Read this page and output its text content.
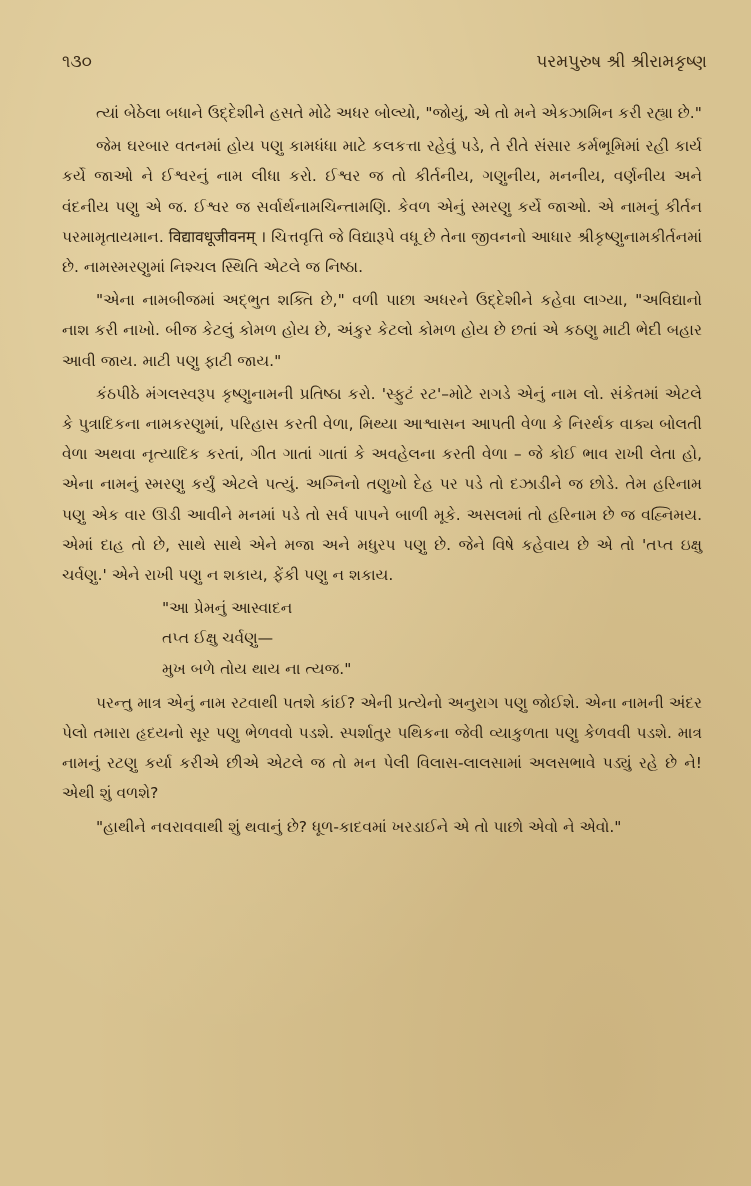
૧૩૦	પરમપુરુષ શ્રી શ્રીરામકૃષ્ણ

ત્યાં બેઠેલા બધાને ઉદ્દેશીને હસતે મોઢે અધર બોલ્યો, "જોયું, એ તો મને એકઝામિન કરી રહ્યા છે."

જેમ ઘરબાર વતનમાં હોય પણુ કામધંધા માટે કલકત્તા રહેવું પડે, તે રીતે સંસાર કર્મભૂમિમાં રહી કાર્ય કર્યે જાઓ ને ઈશ્વરનું નામ લીધા કરો. ઈશ્વર જ તો કીર્તનીય, ગણુનીય, મનનીય, વર્ણનીય અને વંદનીય પણુ એ જ. ઈશ્વર જ સર્વાર્થનામચિન્તામણિ. કેવળ એનું સ્મરણુ કર્યે જાઓ. એ નામનું કીર્તન પરમામૃતાયમાન. विद्यावधूजीवनम् । ચિત્તવૃત્તિ જે વિદ્યારૂપે વધૂ છે તેના જીવનનો આધાર શ્રીકૃષ્ણુનામકીર્તનમાં છે. નામસ્મરણુમાં નિશ્ચલ સ્થિતિ એટલે જ નિષ્ઠા.

"એના નામબીજમાં અદ્ભુત શક્તિ છે," વળી પાછા અધરને ઉદ્દેશીને કહેવા લાગ્યા, "અવિદ્યાનો નાશ કરી નાખો. બીજ કેટલું કોમળ હોય છે, અંકુર કેટલો કોમળ હોય છે છતાં એ કઠણુ માટી ભેદી બહાર આવી જાય. માટી પણુ ફાટી જાય."

કંઠપીઠે મંગલસ્વરૂપ કૃષ્ણુનામની પ્રતિષ્ઠા કરો. 'સ્ફુટં રટ'–મોટે રાગડે એનું નામ લો. સંકેતમાં એટલે કે પુત્રાદિકના નામકરણુમાં, પરિહાસ કરતી વેળા, મિથ્યા આશ્વાસન આપતી વેળા કે નિરર્થક વાક્ય બોલતી વેળા અથવા નૃત્યાદિક કરતાં, ગીત ગાતાં ગાતાં કે અવહેલના કરતી વેળા – જે કોઈ ભાવ રાખી લેતા હો, એના નામનું સ્મરણુ કર્યું એટલે પત્યું. અગ્નિનો તણુખો દેહ પર પડે તો દઝાડીને જ છોડે. તેમ હરિનામ પણુ એક વાર ઊડી આવીને મનમાં પડે તો સર્વ પાપને બાળી મૂકે. અસલમાં તો હરિનામ છે જ વહ્નિમય. એમાં દાહ તો છે, સાથે સાથે એને મજા અને મધુરપ પણુ છે. જેને વિષે કહેવાય છે એ તો 'તપ્ત ઇક્ષુ ચર્વણુ.' એને રાખી પણુ ન શકાય, ફેંકી પણુ ન શકાય.

"આ પ્રેમનું આસ્વાદન
તપ્ત ઈક્ષુ ચર્વણુ—
મુખ બળે તોય થાય ના ત્યજ."

પરન્તુ માત્ર એનું નામ રટવાથી પતશે કાંઈ? એની પ્રત્યેનો અનુરાગ પણુ જોઈશે. એના નામની અંદર પેલો તમારા હૃદયનો સૂર પણુ ભેળવવો પડશે. સ્પર્શાતુર પથિકના જેવી વ્યાકુળતા પણુ કેળવવી પડશે. માત્ર નામનું રટણુ કર્યા કરીએ છીએ એટલે જ તો મન પેલી વિલાસ-લાલસામાં અલસભાવે પડ્યું રહે છે ને! એથી શું વળશે?

"હાથીને નવરાવવાથી શું થવાનું છે? ધૂળ-કાદવમાં ખરડાઈને એ તો પાછો એવો ને એવો."
